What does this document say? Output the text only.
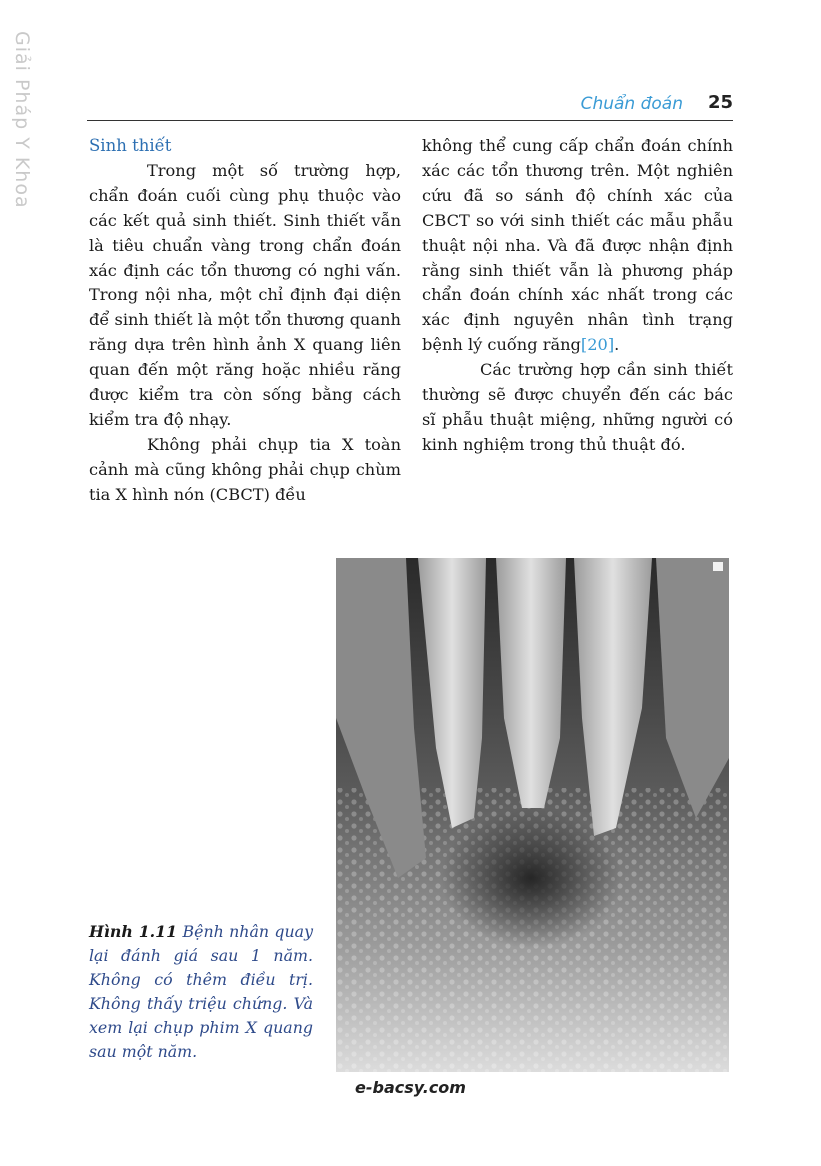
Giải Pháp Y Khoa	Chuẩn đoán 25

Sinh thiết

Trong một số trường hợp, chẩn đoán cuối cùng phụ thuộc vào các kết quả sinh thiết. Sinh thiết vẫn là tiêu chuẩn vàng trong chẩn đoán xác định các tổn thương có nghi vấn. Trong nội nha, một chỉ định đại diện để sinh thiết là một tổn thương quanh răng dựa trên hình ảnh X quang liên quan đến một răng hoặc nhiều răng được kiểm tra còn sống bằng cách kiểm tra độ nhạy.

Không phải chụp tia X toàn cảnh mà cũng không phải chụp chùm tia X hình nón (CBCT) đều

không thể cung cấp chẩn đoán chính xác các tổn thương trên. Một nghiên cứu đã so sánh độ chính xác của CBCT so với sinh thiết các mẫu phẫu thuật nội nha. Và đã được nhận định rằng sinh thiết vẫn là phương pháp chẩn đoán chính xác nhất trong các xác định nguyên nhân tình trạng bệnh lý cuống răng[20].

Các trường hợp cần sinh thiết thường sẽ được chuyển đến các bác sĩ phẫu thuật miệng, những người có kinh nghiệm trong thủ thuật đó.

Hình 1.11 Bệnh nhân quay lại đánh giá sau 1 năm. Không có thêm điều trị. Không thấy triệu chứng. Và xem lại chụp phim X quang sau một năm.
e-bacsy.com
